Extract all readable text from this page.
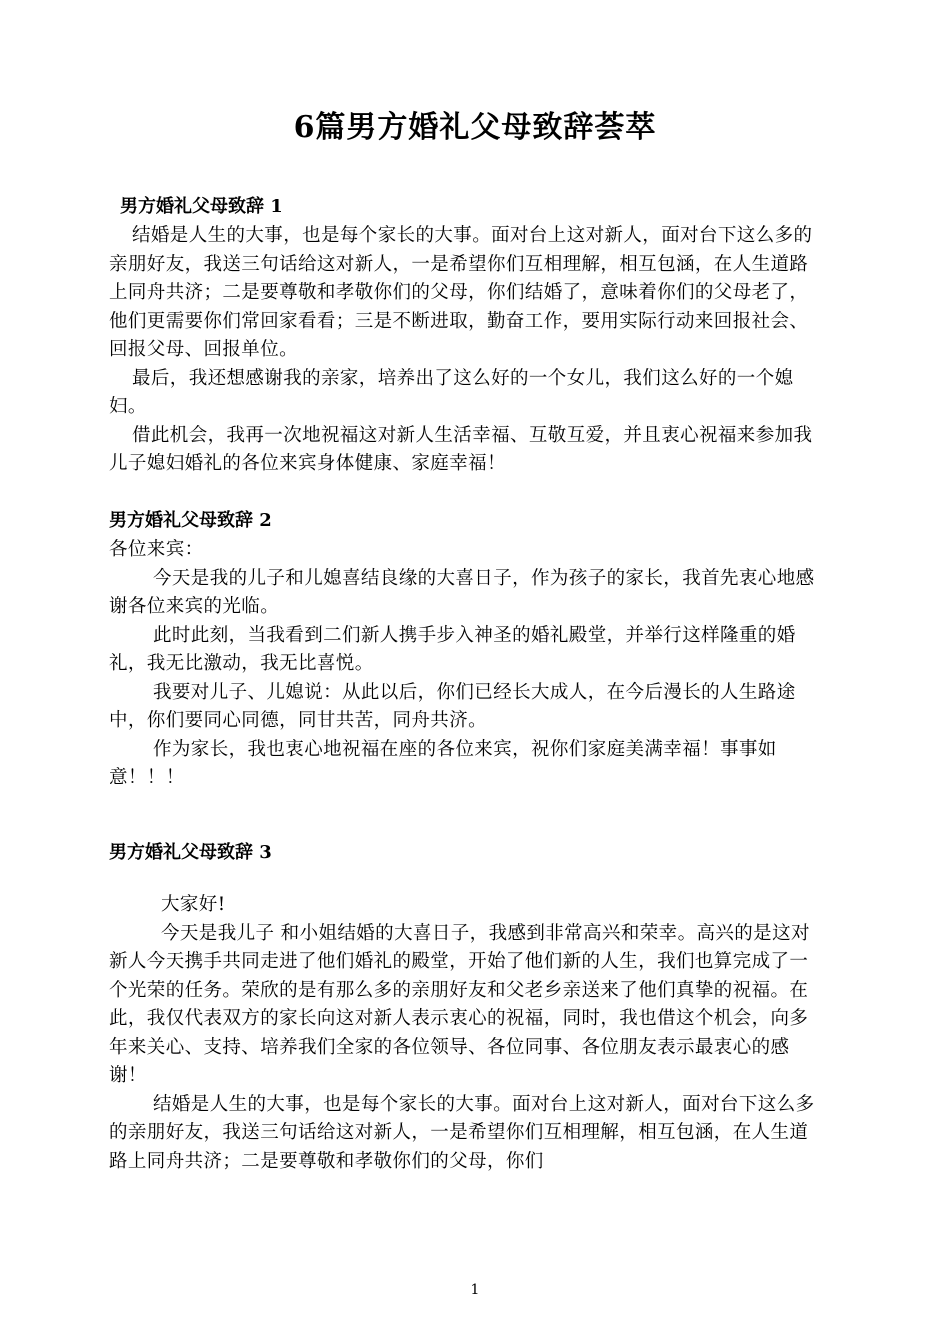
6篇男方婚礼父母致辞荟萃
男方婚礼父母致辞 1

结婚是人生的大事，也是每个家长的大事。面对台上这对新人，面对台下这么多的亲朋好友，我送三句话给这对新人，一是希望你们互相理解，相互包涵，在人生道路上同舟共济；二是要尊敬和孝敬你们的父母，你们结婚了，意味着你们的父母老了，他们更需要你们常回家看看；三是不断进取，勤奋工作，要用实际行动来回报社会、回报父母、回报单位。

最后，我还想感谢我的亲家，培养出了这么好的一个女儿，我们这么好的一个媳妇。

借此机会，我再一次地祝福这对新人生活幸福、互敬互爱，并且衷心祝福来参加我儿子媳妇婚礼的各位来宾身体健康、家庭幸福！

男方婚礼父母致辞 2

各位来宾：

今天是我的儿子和儿媳喜结良缘的大喜日子，作为孩子的家长，我首先衷心地感谢各位来宾的光临。

此时此刻，当我看到二们新人携手步入神圣的婚礼殿堂，并举行这样隆重的婚礼，我无比激动，我无比喜悦。

我要对儿子、儿媳说：从此以后，你们已经长大成人，在今后漫长的人生路途中，你们要同心同德，同甘共苦，同舟共济。

作为家长，我也衷心地祝福在座的各位来宾，祝你们家庭美满幸福！事事如意！！！

男方婚礼父母致辞 3

大家好!

今天是我儿子 和小姐结婚的大喜日子，我感到非常高兴和荣幸。高兴的是这对新人今天携手共同走进了他们婚礼的殿堂，开始了他们新的人生，我们也算完成了一个光荣的任务。荣欣的是有那么多的亲朋好友和父老乡亲送来了他们真挚的祝福。在此，我仅代表双方的家长向这对新人表示衷心的祝福，同时，我也借这个机会，向多年来关心、支持、培养我们全家的各位领导、各位同事、各位朋友表示最衷心的感谢！

结婚是人生的大事，也是每个家长的大事。面对台上这对新人，面对台下这么多的亲朋好友，我送三句话给这对新人，一是希望你们互相理解，相互包涵，在人生道路上同舟共济；二是要尊敬和孝敬你们的父母，你们

1
